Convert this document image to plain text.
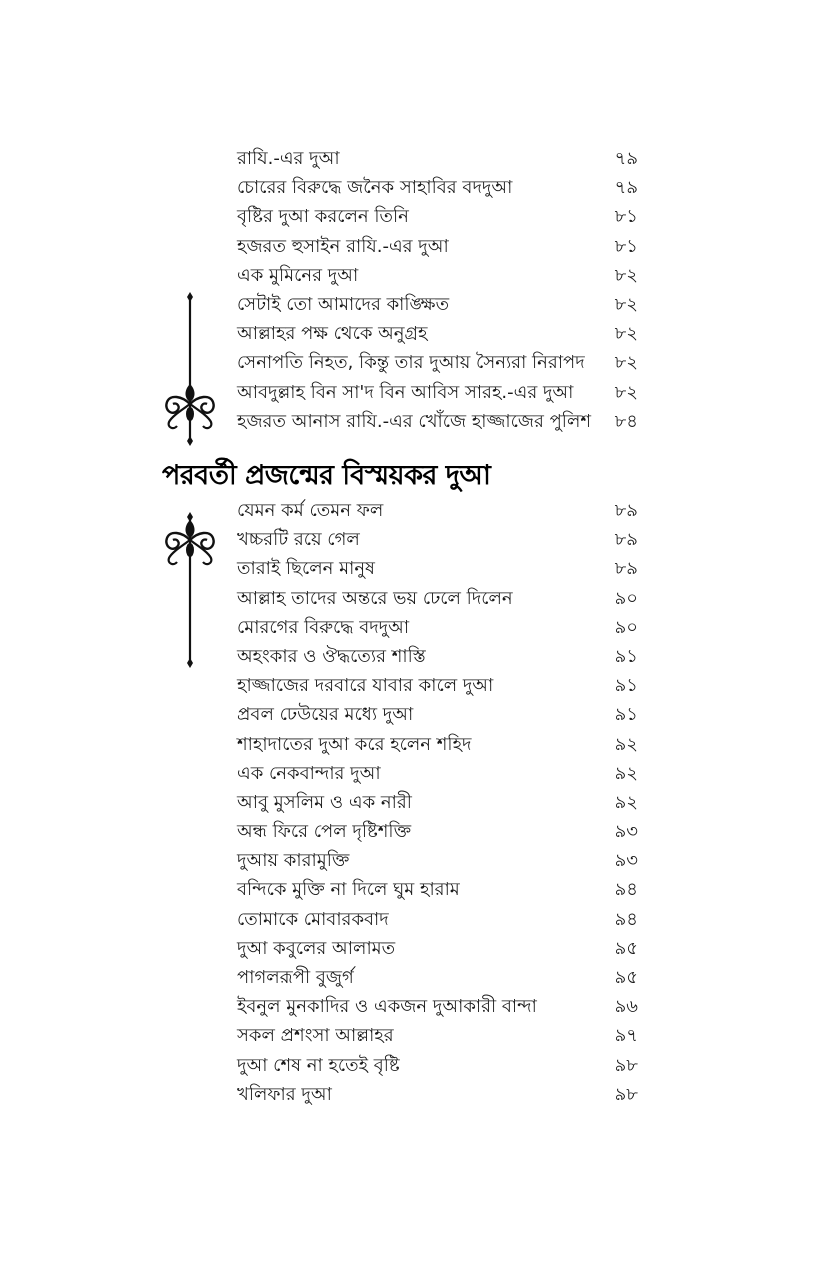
রাযি.-এর দুআ	৭৯
চোরের বিরুদ্ধে জনৈক সাহাবির বদদুআ	৭৯
বৃষ্টির দুআ করলেন তিনি	৮১
হজরত হুসাইন রাযি.-এর দুআ	৮১
এক মুমিনের দুআ	৮২
সেটাই তো আমাদের কাঙ্ক্ষিত	৮২
আল্লাহর পক্ষ থেকে অনুগ্রহ	৮২
সেনাপতি নিহত, কিন্তু তার দুআয় সৈন্যরা নিরাপদ	৮২
আবদুল্লাহ বিন সা'দ বিন আবিস সারহ.-এর দুআ	৮২
হজরত আনাস রাযি.-এর খোঁজে হাজ্জাজের পুলিশ	৮৪
পরবর্তী প্রজন্মের বিস্ময়কর দুআ
যেমন কর্ম তেমন ফল	৮৯
খচ্চরটি রয়ে গেল	৮৯
তারাই ছিলেন মানুষ	৮৯
আল্লাহ তাদের অন্তরে ভয় ঢেলে দিলেন	৯০
মোরগের বিরুদ্ধে বদদুআ	৯০
অহংকার ও ঔদ্ধত্যের শাস্তি	৯১
হাজ্জাজের দরবারে যাবার কালে দুআ	৯১
প্রবল ঢেউয়ের মধ্যে দুআ	৯১
শাহাদাতের দুআ করে হলেন শহিদ	৯২
এক নেকবান্দার দুআ	৯২
আবু মুসলিম ও এক নারী	৯২
অন্ধ ফিরে পেল দৃষ্টিশক্তি	৯৩
দুআয় কারামুক্তি	৯৩
বন্দিকে মুক্তি না দিলে ঘুম হারাম	৯৪
তোমাকে মোবারকবাদ	৯৪
দুআ কবুলের আলামত	৯৫
পাগলরূপী বুজুর্গ	৯৫
ইবনুল মুনকাদির ও একজন দুআকারী বান্দা	৯৬
সকল প্রশংসা আল্লাহর	৯৭
দুআ শেষ না হতেই বৃষ্টি	৯৮
খলিফার দুআ	৯৮
